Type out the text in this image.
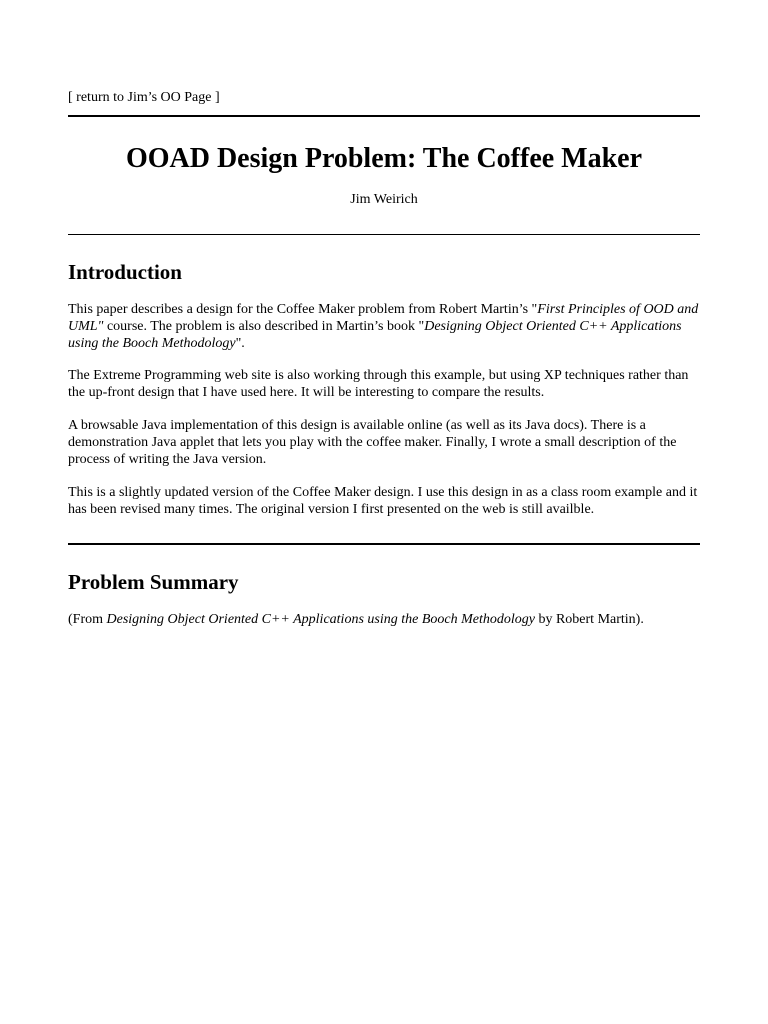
[ return to Jim’s OO Page ]
OOAD Design Problem: The Coffee Maker
Jim Weirich
Introduction

This paper describes a design for the Coffee Maker problem from Robert Martin’s "First Principles of OOD and UML" course. The problem is also described in Martin’s book "Designing Object Oriented C++ Applications using the Booch Methodology".

The Extreme Programming web site is also working through this example, but using XP techniques rather than the up-front design that I have used here. It will be interesting to compare the results.

A browsable Java implementation of this design is available online (as well as its Java docs). There is a demonstration Java applet that lets you play with the coffee maker. Finally, I wrote a small description of the process of writing the Java version.

This is a slightly updated version of the Coffee Maker design. I use this design in as a class room example and it has been revised many times. The original version I first presented on the web is still availble.

Problem Summary

(From Designing Object Oriented C++ Applications using the Booch Methodology by Robert Martin).
